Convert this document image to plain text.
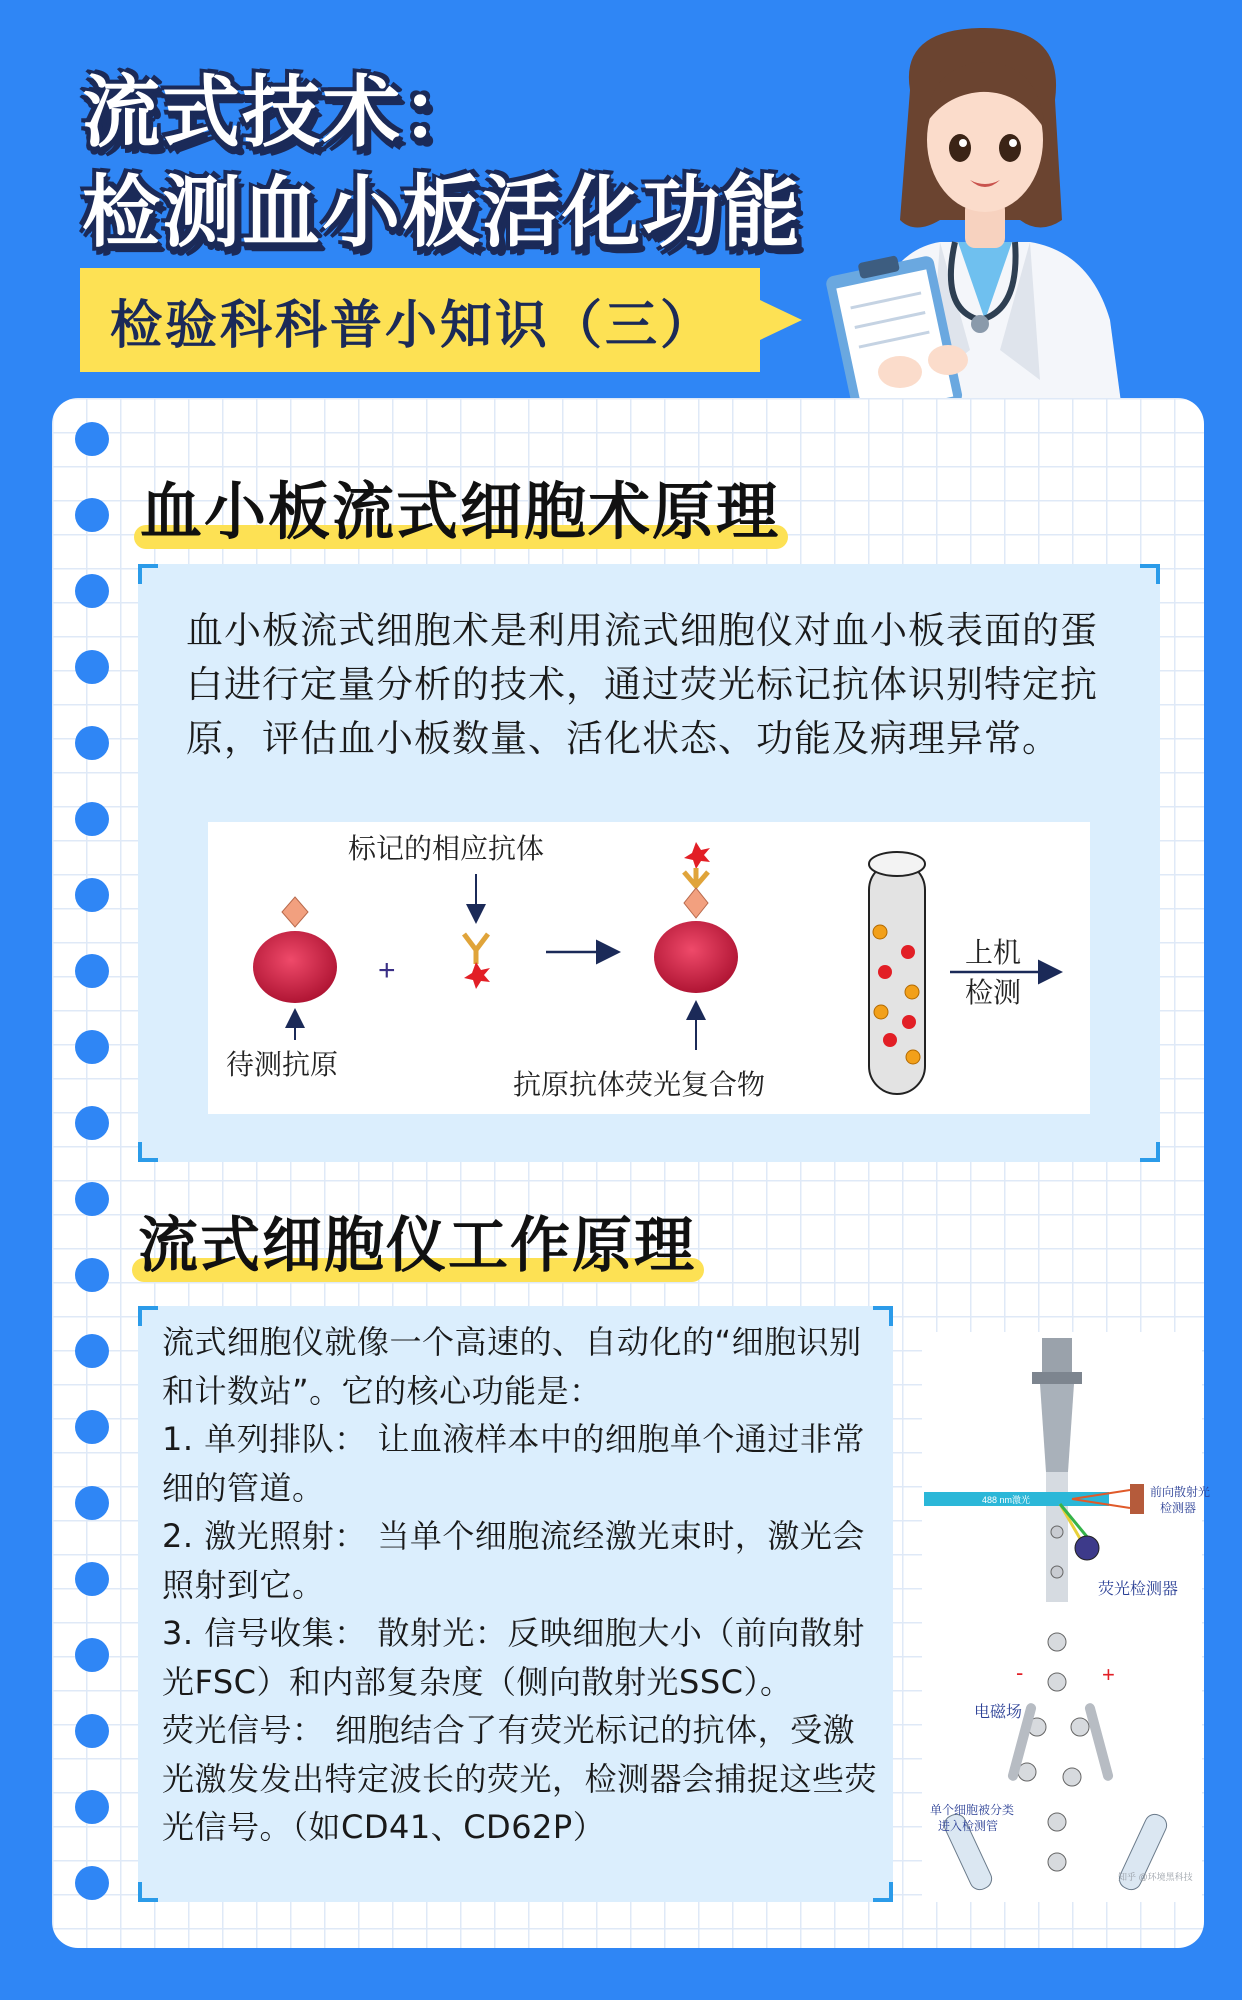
流式技术：
检测血小板活化功能
检验科科普小知识（三）
血小板流式细胞术原理
血小板流式细胞术是利用流式细胞仪对血小板表面的蛋白进行定量分析的技术，通过荧光标记抗体识别特定抗原，评估血小板数量、活化状态、功能及病理异常。
待测抗原
+
标记的相应抗体
抗原抗体荧光复合物
上机
检测
流式细胞仪工作原理
流式细胞仪就像一个高速的、自动化的“细胞识别和计数站”。它的核心功能是：
1. 单列排队： 让血液样本中的细胞单个通过非常细的管道。
2. 激光照射： 当单个细胞流经激光束时，激光会照射到它。
3. 信号收集： 散射光：反映细胞大小（前向散射光FSC）和内部复杂度（侧向散射光SSC）。
荧光信号： 细胞结合了有荧光标记的抗体，受激光激发发出特定波长的荧光，检测器会捕捉这些荧光信号。（如CD41、CD62P）
488 nm激光
前向散射光
检测器
荧光检测器
-	+
电磁场
单个细胞被分类
进入检测管
知乎 @环境黑科技
